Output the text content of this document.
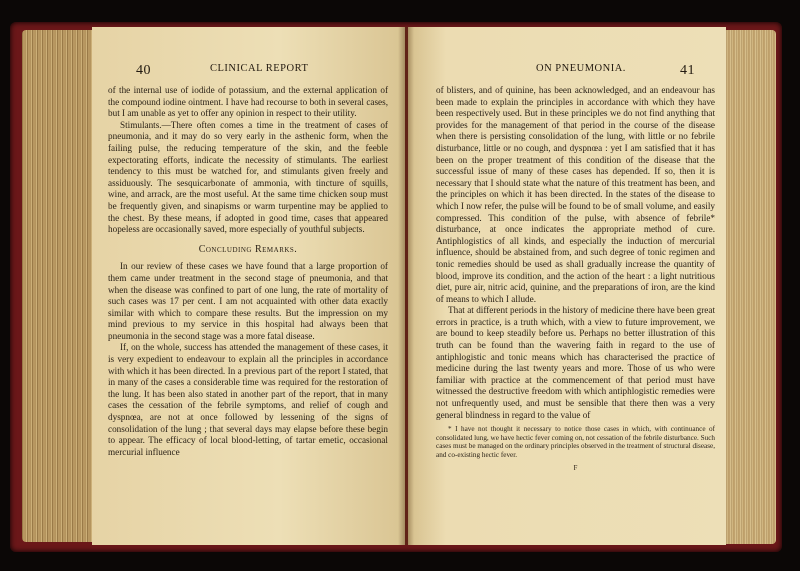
40	CLINICAL REPORT

of the internal use of iodide of potassium, and the external application of the compound iodine ointment. I have had recourse to both in several cases, but I am unable as yet to offer any opinion in respect to their utility.

Stimulants.—There often comes a time in the treatment of cases of pneumonia, and it may do so very early in the asthenic form, when the failing pulse, the reducing temperature of the skin, and the feeble expectorating efforts, indicate the necessity of stimulants. The earliest tendency to this must be watched for, and stimulants given freely and assiduously. The sesquicarbonate of ammonia, with tincture of squills, wine, and arrack, are the most useful. At the same time chicken soup must be frequently given, and sinapisms or warm turpentine may be applied to the chest. By these means, if adopted in good time, cases that appeared hopeless are occasionally saved, more especially of youthful subjects.

Concluding Remarks.

In our review of these cases we have found that a large proportion of them came under treatment in the second stage of pneumonia, and that when the disease was confined to part of one lung, the rate of mortality of such cases was 17 per cent. I am not acquainted with other data exactly similar with which to compare these results. But the impression on my mind previous to my service in this hospital had always been that pneumonia in the second stage was a more fatal disease.

If, on the whole, success has attended the management of these cases, it is very expedient to endeavour to explain all the principles in accordance with which it has been directed. In a previous part of the report I stated, that in many of the cases a considerable time was required for the restoration of the lung. It has been also stated in another part of the report, that in many cases the cessation of the febrile symptoms, and relief of cough and dyspnœa, are not at once followed by lessening of the signs of consolidation of the lung ; that several days may elapse before these begin to appear. The efficacy of local blood-letting, of tartar emetic, occasional mercurial influence

ON PNEUMONIA.	41

of blisters, and of quinine, has been acknowledged, and an endeavour has been made to explain the principles in accordance with which they have been respectively used. But in these principles we do not find anything that provides for the management of that period in the course of the disease when there is persisting consolidation of the lung, with little or no febrile disturbance, little or no cough, and dyspnœa : yet I am satisfied that it has been on the proper treatment of this condition of the disease that the successful issue of many of these cases has depended. If so, then it is necessary that I should state what the nature of this treatment has been, and the principles on which it has been directed. In the states of the disease to which I now refer, the pulse will be found to be of small volume, and easily compressed. This condition of the pulse, with absence of febrile* disturbance, at once indicates the appropriate method of cure. Antiphlogistics of all kinds, and especially the induction of mercurial influence, should be abstained from, and such degree of tonic regimen and tonic remedies should be used as shall gradually increase the quantity of blood, improve its condition, and the action of the heart : a light nutritious diet, pure air, nitric acid, quinine, and the preparations of iron, are the kind of means to which I allude.

That at different periods in the history of medicine there have been great errors in practice, is a truth which, with a view to future improvement, we are bound to keep steadily before us. Perhaps no better illustration of this truth can be found than the wavering faith in regard to the use of antiphlogistic and tonic means which has characterised the practice of medicine during the last twenty years and more. Those of us who were familiar with practice at the commencement of that period must have witnessed the destructive freedom with which antiphlogistic remedies were not unfrequently used, and must be sensible that there then was a very general blindness in regard to the value of

* I have not thought it necessary to notice those cases in which, with continuance of consolidated lung, we have hectic fever coming on, not cessation of the febrile disturbance. Such cases must be managed on the ordinary principles observed in the treatment of structural disease, and co-existing hectic fever.

F
